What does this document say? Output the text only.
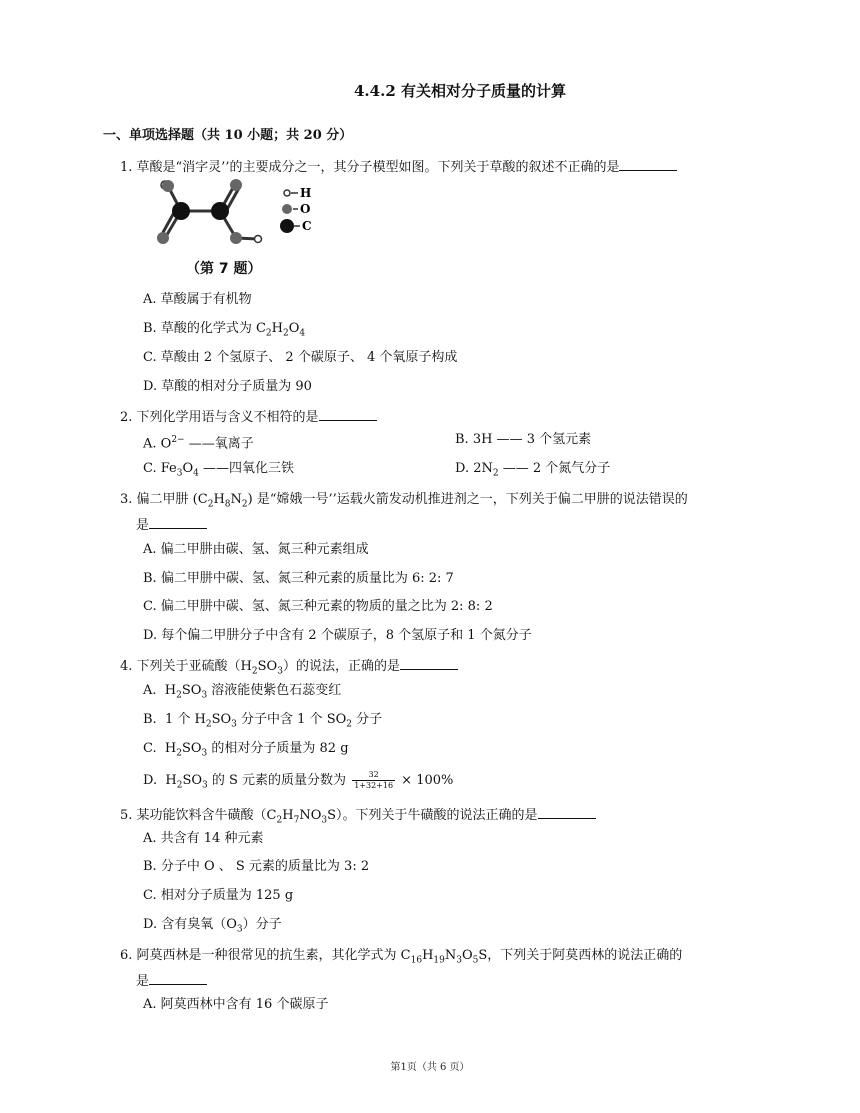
4.4.2 有关相对分子质量的计算
一、单项选择题（共 10 小题；共 20 分）
1. 草酸是“消字灵’’的主要成分之一，其分子模型如图。下列关于草酸的叙述不正确的是
H
O
C
（第 7 题）
A. 草酸属于有机物
B. 草酸的化学式为 $C_2H_2O_4$
C. 草酸由 2 个氢原子、 2 个碳原子、 4 个氧原子构成
D. 草酸的相对分子质量为 90
2. 下列化学用语与含义不相符的是
A. $O^{2-}$ ——氧离子	B. 3H —— 3 个氢元素
C. $Fe_3O_4$ ——四氧化三铁	D. $2N_2$ —— 2 个氮气分子
3. 偏二甲肼 $(C_2H_8N_2)$ 是“嫦娥一号’’运载火箭发动机推进剂之一，下列关于偏二甲肼的说法错误的
是
A. 偏二甲肼由碳、氢、氮三种元素组成
B. 偏二甲肼中碳、氢、氮三种元素的质量比为 6: 2: 7
C. 偏二甲肼中碳、氢、氮三种元素的物质的量之比为 2: 8: 2
D. 每个偏二甲肼分子中含有 2 个碳原子，8 个氢原子和 1 个氮分子
4. 下列关于亚硫酸$(H_2SO_3)$的说法，正确的是
A.  $H_2SO_3$ 溶液能使紫色石蕊变红
B.  1 个 $H_2SO_3$ 分子中含 1 个 $SO_2$ 分子
C.  $H_2SO_3$ 的相对分子质量为 82 g
D.  $H_2SO_3$ 的 S 元素的质量分数为 $\frac{32}{1+32+16} \times 100\%$
5. 某功能饮料含牛磺酸$(C_2H_7NO_3S)$。下列关于牛磺酸的说法正确的是
A. 共含有 14 种元素
B. 分子中 O 、 S 元素的质量比为 3: 2
C. 相对分子质量为 125 g
D. 含有臭氧$(O_3)$分子
6. 阿莫西林是一种很常见的抗生素，其化学式为 $C_{16}H_{19}N_3O_5S$，下列关于阿莫西林的说法正确的
是
A. 阿莫西林中含有 16 个碳原子
第1页（共 6 页）
